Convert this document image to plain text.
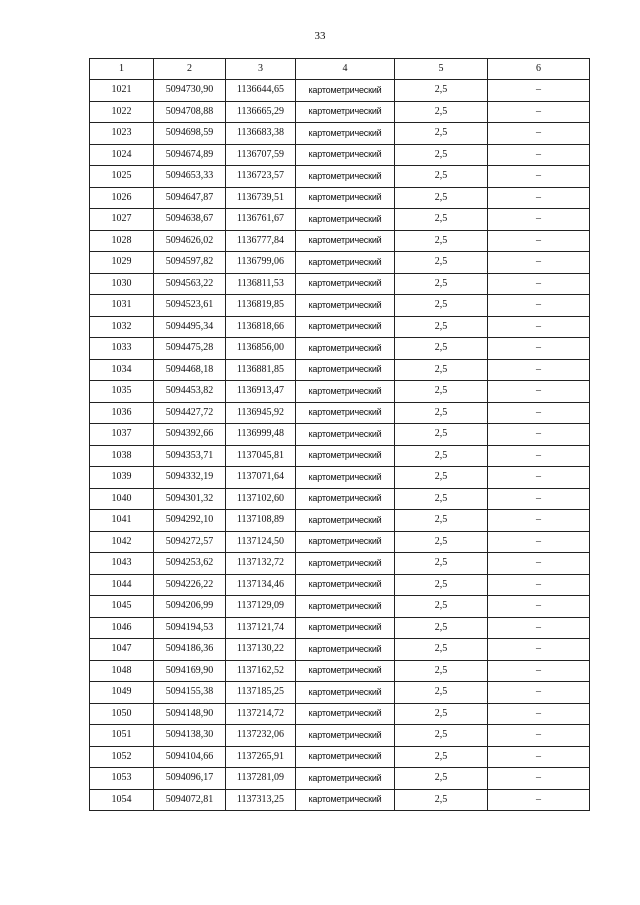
33
1	2	3	4	5	6
1021	5094730,90	1136644,65	картометрический	2,5	–
1022	5094708,88	1136665,29	картометрический	2,5	–
1023	5094698,59	1136683,38	картометрический	2,5	–
1024	5094674,89	1136707,59	картометрический	2,5	–
1025	5094653,33	1136723,57	картометрический	2,5	–
1026	5094647,87	1136739,51	картометрический	2,5	–
1027	5094638,67	1136761,67	картометрический	2,5	–
1028	5094626,02	1136777,84	картометрический	2,5	–
1029	5094597,82	1136799,06	картометрический	2,5	–
1030	5094563,22	1136811,53	картометрический	2,5	–
1031	5094523,61	1136819,85	картометрический	2,5	–
1032	5094495,34	1136818,66	картометрический	2,5	–
1033	5094475,28	1136856,00	картометрический	2,5	–
1034	5094468,18	1136881,85	картометрический	2,5	–
1035	5094453,82	1136913,47	картометрический	2,5	–
1036	5094427,72	1136945,92	картометрический	2,5	–
1037	5094392,66	1136999,48	картометрический	2,5	–
1038	5094353,71	1137045,81	картометрический	2,5	–
1039	5094332,19	1137071,64	картометрический	2,5	–
1040	5094301,32	1137102,60	картометрический	2,5	–
1041	5094292,10	1137108,89	картометрический	2,5	–
1042	5094272,57	1137124,50	картометрический	2,5	–
1043	5094253,62	1137132,72	картометрический	2,5	–
1044	5094226,22	1137134,46	картометрический	2,5	–
1045	5094206,99	1137129,09	картометрический	2,5	–
1046	5094194,53	1137121,74	картометрический	2,5	–
1047	5094186,36	1137130,22	картометрический	2,5	–
1048	5094169,90	1137162,52	картометрический	2,5	–
1049	5094155,38	1137185,25	картометрический	2,5	–
1050	5094148,90	1137214,72	картометрический	2,5	–
1051	5094138,30	1137232,06	картометрический	2,5	–
1052	5094104,66	1137265,91	картометрический	2,5	–
1053	5094096,17	1137281,09	картометрический	2,5	–
1054	5094072,81	1137313,25	картометрический	2,5	–
